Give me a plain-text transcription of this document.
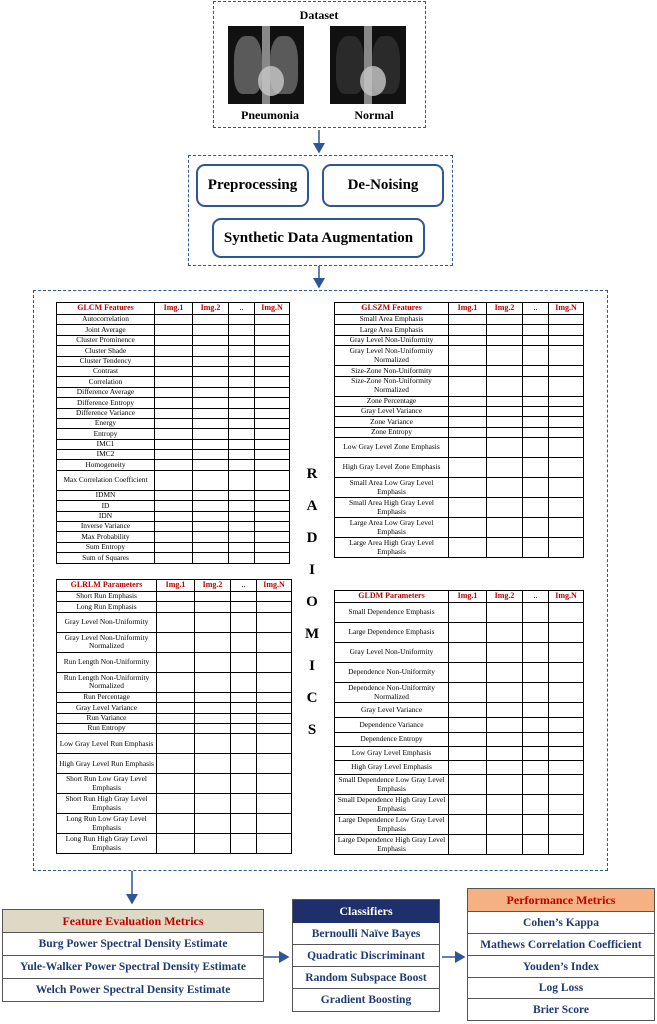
Dataset
Pneumonia	Normal
Preprocessing	De-Noising
Synthetic Data Augmentation
R
A
D
I
O
M
I
C
S
GLCM Features	Img.1	Img.2	..	Img.N
Autocorrelation				
Joint Average				
Cluster Prominence				
Cluster Shade				
Cluster Tendency				
Contrast				
Correlation				
Difference Average				
Difference Entropy				
Difference Variance				
Energy				
Entropy				
IMC1				
IMC2				
Homogeneity				
Max Correlation Coefficient				
IDMN				
ID				
IDN				
Inverse Variance				
Max Probability				
Sum Entropy				
Sum of Squares				
GLSZM Features	Img.1	Img.2	..	Img.N
Small Area Emphasis				
Large Area Emphasis				
Gray Level Non-Uniformity				
Gray Level Non-Uniformity Normalized				
Size-Zone Non-Uniformity				
Size-Zone Non-Uniformity Normalized				
Zone Percentage				
Gray Level Variance				
Zone Variance				
Zone Entropy				
Low Gray Level Zone Emphasis				
High Gray Level Zone Emphasis				
Small Area Low Gray Level Emphasis				
Small Area High Gray Level Emphasis				
Large Area Low Gray Level Emphasis				
Large Area High Gray Level Emphasis				
GLRLM Parameters	Img.1	Img.2	..	Img.N
Short Run Emphasis				
Long Run Emphasis				
Gray Level Non-Uniformity				
Gray Level Non-Uniformity Normalized				
Run Length Non-Uniformity				
Run Length Non-Uniformity Normalized				
Run Percentage				
Gray Level Variance				
Run Variance				
Run Entropy				
Low Gray Level Run Emphasis				
High Gray Level Run Emphasis				
Short Run Low Gray Level Emphasis				
Short Run High Gray Level Emphasis				
Long Run Low Gray Level Emphasis				
Long Run High Gray Level Emphasis				
GLDM Parameters	Img.1	Img.2	..	Img.N
Small Dependence Emphasis				
Large Dependence Emphasis				
Gray Level Non-Uniformity				
Dependence Non-Uniformity				
Dependence Non-Uniformity Normalized				
Gray Level Variance				
Dependence Variance				
Dependence Entropy				
Low Gray Level Emphasis				
High Gray Level Emphasis				
Small Dependence Low Gray Level Emphasis				
Small Dependence High Gray Level Emphasis				
Large Dependence Low Gray Level Emphasis				
Large Dependence High Gray Level Emphasis				
Feature Evaluation Metrics
Burg Power Spectral Density Estimate
Yule-Walker Power Spectral Density Estimate
Welch Power Spectral Density Estimate
Classifiers
Bernoulli Naïve Bayes
Quadratic Discriminant
Random Subspace Boost
Gradient Boosting
Performance Metrics
Cohen’s Kappa
Mathews Correlation Coefficient
Youden’s Index
Log Loss
Brier Score
